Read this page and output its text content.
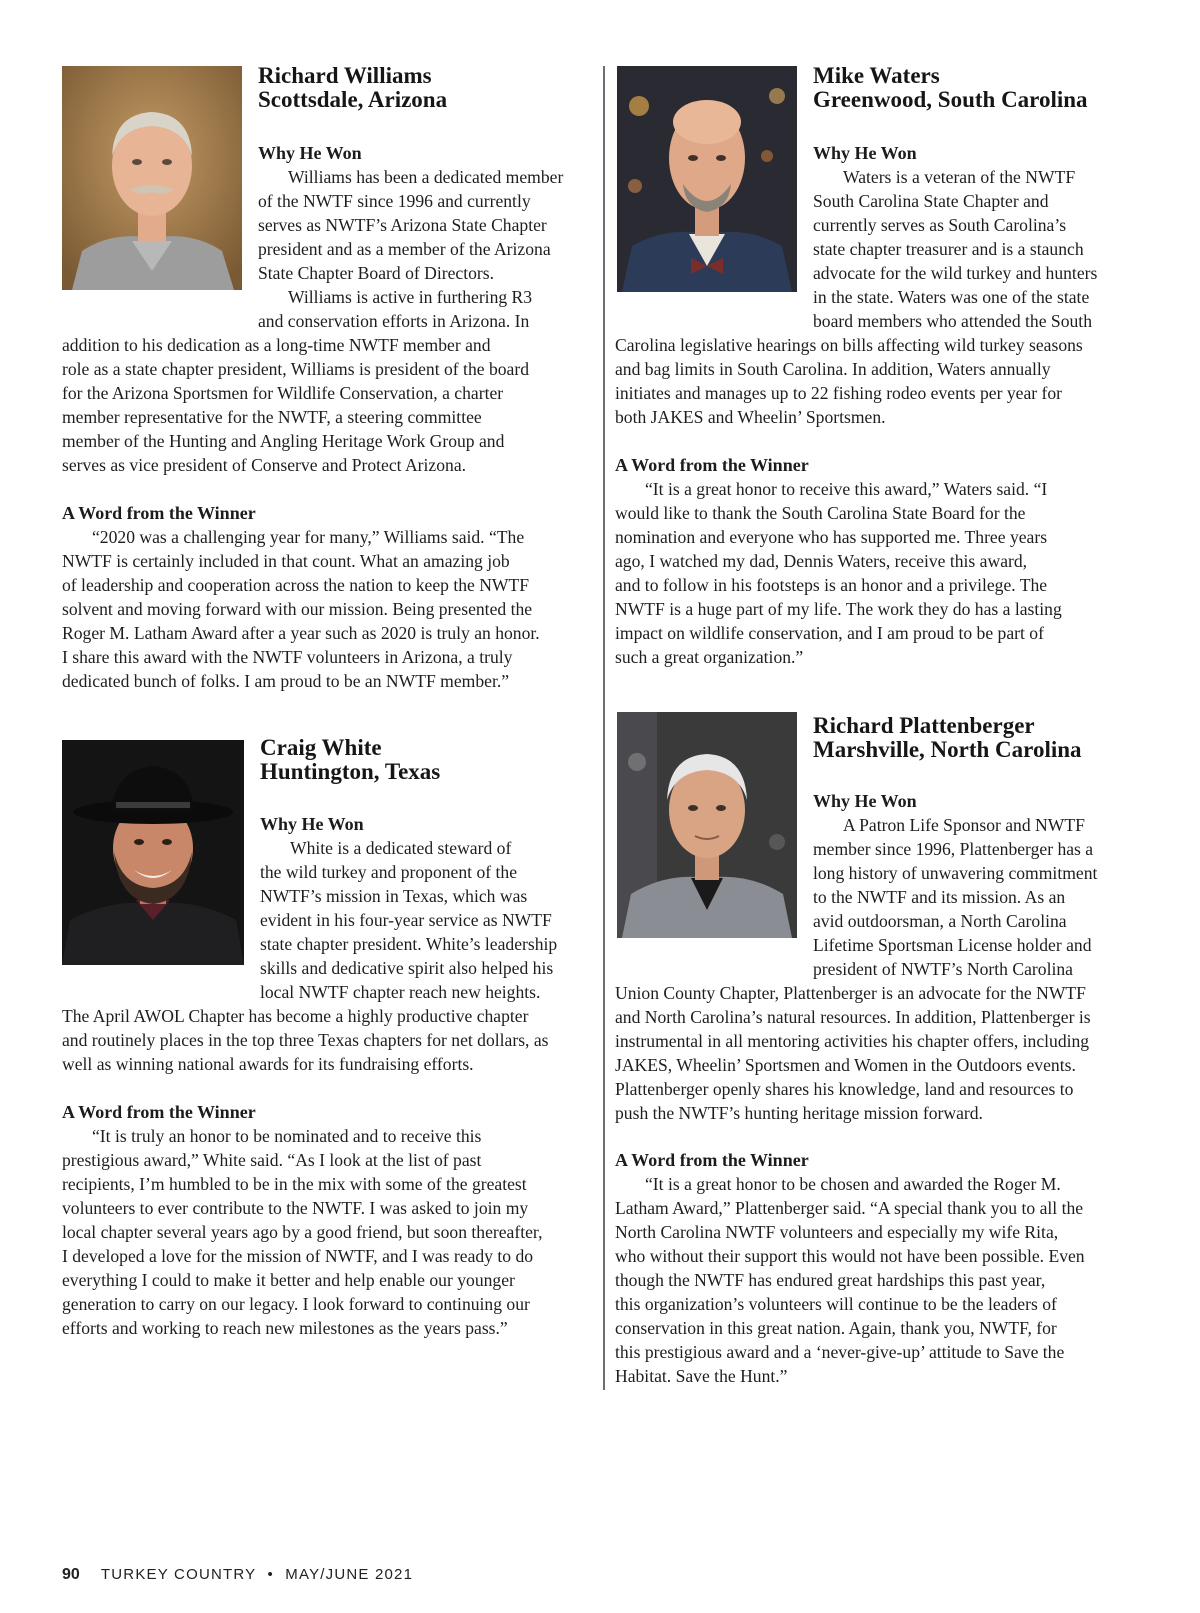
Richard Williams
Scottsdale, Arizona
Why He Won
Williams has been a dedicated member
of the NWTF since 1996 and currently
serves as NWTF’s Arizona State Chapter
president and as a member of the Arizona
State Chapter Board of Directors.
Williams is active in furthering R3
and conservation efforts in Arizona. In
addition to his dedication as a long-time NWTF member and
role as a state chapter president, Williams is president of the board
for the Arizona Sportsmen for Wildlife Conservation, a charter
member representative for the NWTF, a steering committee
member of the Hunting and Angling Heritage Work Group and
serves as vice president of Conserve and Protect Arizona.
A Word from the Winner
“2020 was a challenging year for many,” Williams said. “The
NWTF is certainly included in that count. What an amazing job
of leadership and cooperation across the nation to keep the NWTF
solvent and moving forward with our mission. Being presented the
Roger M. Latham Award after a year such as 2020 is truly an honor.
I share this award with the NWTF volunteers in Arizona, a truly
dedicated bunch of folks. I am proud to be an NWTF member.”
Mike Waters
Greenwood, South Carolina
Why He Won
Waters is a veteran of the NWTF
South Carolina State Chapter and
currently serves as South Carolina’s
state chapter treasurer and is a staunch
advocate for the wild turkey and hunters
in the state. Waters was one of the state
board members who attended the South
Carolina legislative hearings on bills affecting wild turkey seasons
and bag limits in South Carolina. In addition, Waters annually
initiates and manages up to 22 fishing rodeo events per year for
both JAKES and Wheelin’ Sportsmen.
A Word from the Winner
“It is a great honor to receive this award,” Waters said. “I
would like to thank the South Carolina State Board for the
nomination and everyone who has supported me. Three years
ago, I watched my dad, Dennis Waters, receive this award,
and to follow in his footsteps is an honor and a privilege. The
NWTF is a huge part of my life. The work they do has a lasting
impact on wildlife conservation, and I am proud to be part of
such a great organization.”
Craig White
Huntington, Texas
Why He Won
White is a dedicated steward of
the wild turkey and proponent of the
NWTF’s mission in Texas, which was
evident in his four-year service as NWTF
state chapter president. White’s leadership
skills and dedicative spirit also helped his
local NWTF chapter reach new heights.
The April AWOL Chapter has become a highly productive chapter
and routinely places in the top three Texas chapters for net dollars, as
well as winning national awards for its fundraising efforts.
A Word from the Winner
“It is truly an honor to be nominated and to receive this
prestigious award,” White said. “As I look at the list of past
recipients, I’m humbled to be in the mix with some of the greatest
volunteers to ever contribute to the NWTF. I was asked to join my
local chapter several years ago by a good friend, but soon thereafter,
I developed a love for the mission of NWTF, and I was ready to do
everything I could to make it better and help enable our younger
generation to carry on our legacy. I look forward to continuing our
efforts and working to reach new milestones as the years pass.”
Richard Plattenberger
Marshville, North Carolina
Why He Won
A Patron Life Sponsor and NWTF
member since 1996, Plattenberger has a
long history of unwavering commitment
to the NWTF and its mission. As an
avid outdoorsman, a North Carolina
Lifetime Sportsman License holder and
president of NWTF’s North Carolina
Union County Chapter, Plattenberger is an advocate for the NWTF
and North Carolina’s natural resources. In addition, Plattenberger is
instrumental in all mentoring activities his chapter offers, including
JAKES, Wheelin’ Sportsmen and Women in the Outdoors events.
Plattenberger openly shares his knowledge, land and resources to
push the NWTF’s hunting heritage mission forward.
A Word from the Winner
“It is a great honor to be chosen and awarded the Roger M.
Latham Award,” Plattenberger said. “A special thank you to all the
North Carolina NWTF volunteers and especially my wife Rita,
who without their support this would not have been possible. Even
though the NWTF has endured great hardships this past year,
this organization’s volunteers will continue to be the leaders of
conservation in this great nation. Again, thank you, NWTF, for
this prestigious award and a ‘never-give-up’ attitude to Save the
Habitat. Save the Hunt.”
90 TURKEY COUNTRY • MAY/JUNE 2021
